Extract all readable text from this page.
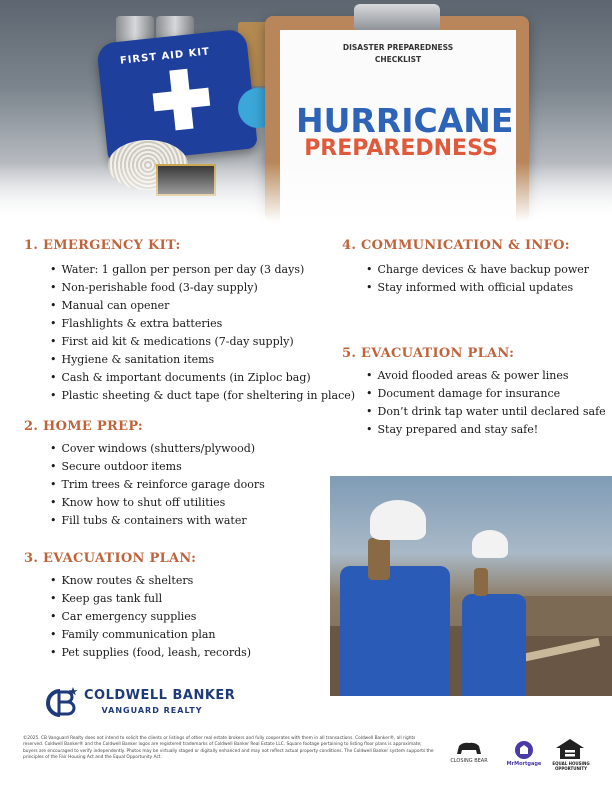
FIRST AID KIT	DISASTER PREPAREDNESS
CHECKLIST
HURRICANE
PREPAREDNESS
1. EMERGENCY KIT:
• Water: 1 gallon per person per day (3 days)
• Non-perishable food (3-day supply)
• Manual can opener
• Flashlights & extra batteries
• First aid kit & medications (7-day supply)
• Hygiene & sanitation items
• Cash & important documents (in Ziploc bag)
• Plastic sheeting & duct tape (for sheltering in place)
2. HOME PREP:
• Cover windows (shutters/plywood)
• Secure outdoor items
• Trim trees & reinforce garage doors
• Know how to shut off utilities
• Fill tubs & containers with water
3. EVACUATION PLAN:
• Know routes & shelters
• Keep gas tank full
• Car emergency supplies
• Family communication plan
• Pet supplies (food, leash, records)
4. COMMUNICATION & INFO:
• Charge devices & have backup power
• Stay informed with official updates
5. EVACUATION PLAN:
• Avoid flooded areas & power lines
• Document damage for insurance
• Don’t drink tap water until declared safe
• Stay prepared and stay safe!
COLDWELL BANKER
VANGUARD REALTY
©2025. CB Vanguard Realty does not intend to solicit the clients or listings of other real estate brokers and fully cooperates with them in all transactions. Coldwell Banker®, all rights reserved. Coldwell Banker® and the Coldwell Banker logos are registered trademarks of Coldwell Banker Real Estate LLC. Square footage pertaining to listing floor plans is approximate; buyers are encouraged to verify independently. Photos may be virtually staged or digitally enhanced and may not reflect actual property conditions. The Coldwell Banker system supports the principles of the Fair Housing Act and the Equal Opportunity Act.
CLOSING BEAR	MrMortgage	EQUAL HOUSING
OPPORTUNITY
